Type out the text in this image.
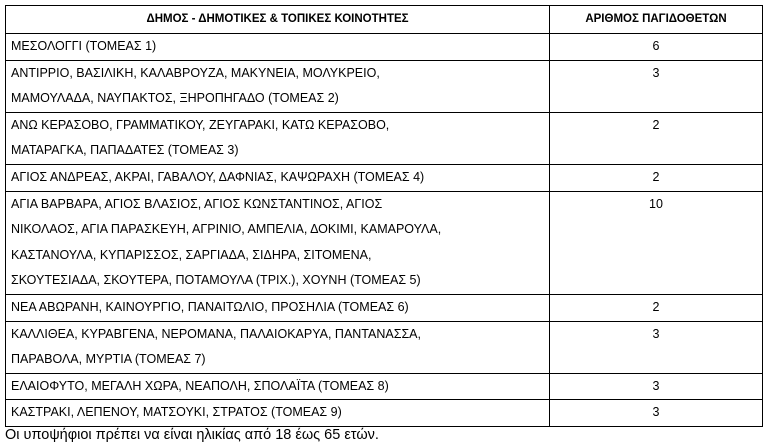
ΔΗΜΟΣ - ΔΗΜΟΤΙΚΕΣ & ΤΟΠΙΚΕΣ ΚΟΙΝΟΤΗΤΕΣ	ΑΡΙΘΜΟΣ ΠΑΓΙΔΟΘΕΤΩΝ

ΜΕΣΟΛΟΓΓΙ (ΤΟΜΕΑΣ 1)	6

ΑΝΤΙΡΡΙΟ, ΒΑΣΙΛΙΚΗ, ΚΑΛΑΒΡΟΥΖΑ, ΜΑΚΥΝΕΙΑ, ΜΟΛΥΚΡΕΙΟ,
ΜΑΜΟΥΛΑΔΑ, ΝΑΥΠΑΚΤΟΣ, ΞΗΡΟΠΗΓΑΔΟ (ΤΟΜΕΑΣ 2)	3

ΑΝΩ ΚΕΡΑΣΟΒΟ, ΓΡΑΜΜΑΤΙΚΟΥ, ΖΕΥΓΑΡΑΚΙ, ΚΑΤΩ ΚΕΡΑΣΟΒΟ,
ΜΑΤΑΡΑΓΚΑ, ΠΑΠΑΔΑΤΕΣ (ΤΟΜΕΑΣ 3)	2

ΑΓΙΟΣ ΑΝΔΡΕΑΣ, ΑΚΡΑΙ, ΓΑΒΑΛΟΥ, ΔΑΦΝΙΑΣ, ΚΑΨΩΡΑΧΗ (ΤΟΜΕΑΣ 4)	2

ΑΓΙΑ ΒΑΡΒΑΡΑ, ΑΓΙΟΣ ΒΛΑΣΙΟΣ, ΑΓΙΟΣ ΚΩΝΣΤΑΝΤΙΝΟΣ, ΑΓΙΟΣ
ΝΙΚΟΛΑΟΣ, ΑΓΙΑ ΠΑΡΑΣΚΕΥΗ, ΑΓΡΙΝΙΟ, ΑΜΠΕΛΙΑ, ΔΟΚΙΜΙ, ΚΑΜΑΡΟΥΛΑ,
ΚΑΣΤΑΝΟΥΛΑ, ΚΥΠΑΡΙΣΣΟΣ, ΣΑΡΓΙΑΔΑ, ΣΙΔΗΡΑ, ΣΙΤΟΜΕΝΑ,
ΣΚΟΥΤΕΣΙΑΔΑ, ΣΚΟΥΤΕΡΑ, ΠΟΤΑΜΟΥΛΑ (ΤΡΙΧ.), ΧΟΥΝΗ (ΤΟΜΕΑΣ 5)	10

ΝΕΑ ΑΒΩΡΑΝΗ, ΚΑΙΝΟΥΡΓΙΟ, ΠΑΝΑΙΤΩΛΙΟ, ΠΡΟΣΗΛΙΑ (ΤΟΜΕΑΣ 6)	2

ΚΑΛΛΙΘΕΑ, ΚΥΡΑΒΓΕΝΑ, ΝΕΡΟΜΑΝΑ, ΠΑΛΑΙΟΚΑΡΥΑ, ΠΑΝΤΑΝΑΣΣΑ,
ΠΑΡΑΒΟΛΑ, ΜΥΡΤΙΑ (ΤΟΜΕΑΣ 7)	3

ΕΛΑΙΟΦΥΤΟ, ΜΕΓΑΛΗ ΧΩΡΑ, ΝΕΑΠΟΛΗ, ΣΠΟΛΑΪΤΑ (ΤΟΜΕΑΣ 8)	3

ΚΑΣΤΡΑΚΙ, ΛΕΠΕΝΟΥ, ΜΑΤΣΟΥΚΙ, ΣΤΡΑΤΟΣ (ΤΟΜΕΑΣ 9)	3
Οι υποψήφιοι πρέπει να είναι ηλικίας από 18 έως 65 ετών.
